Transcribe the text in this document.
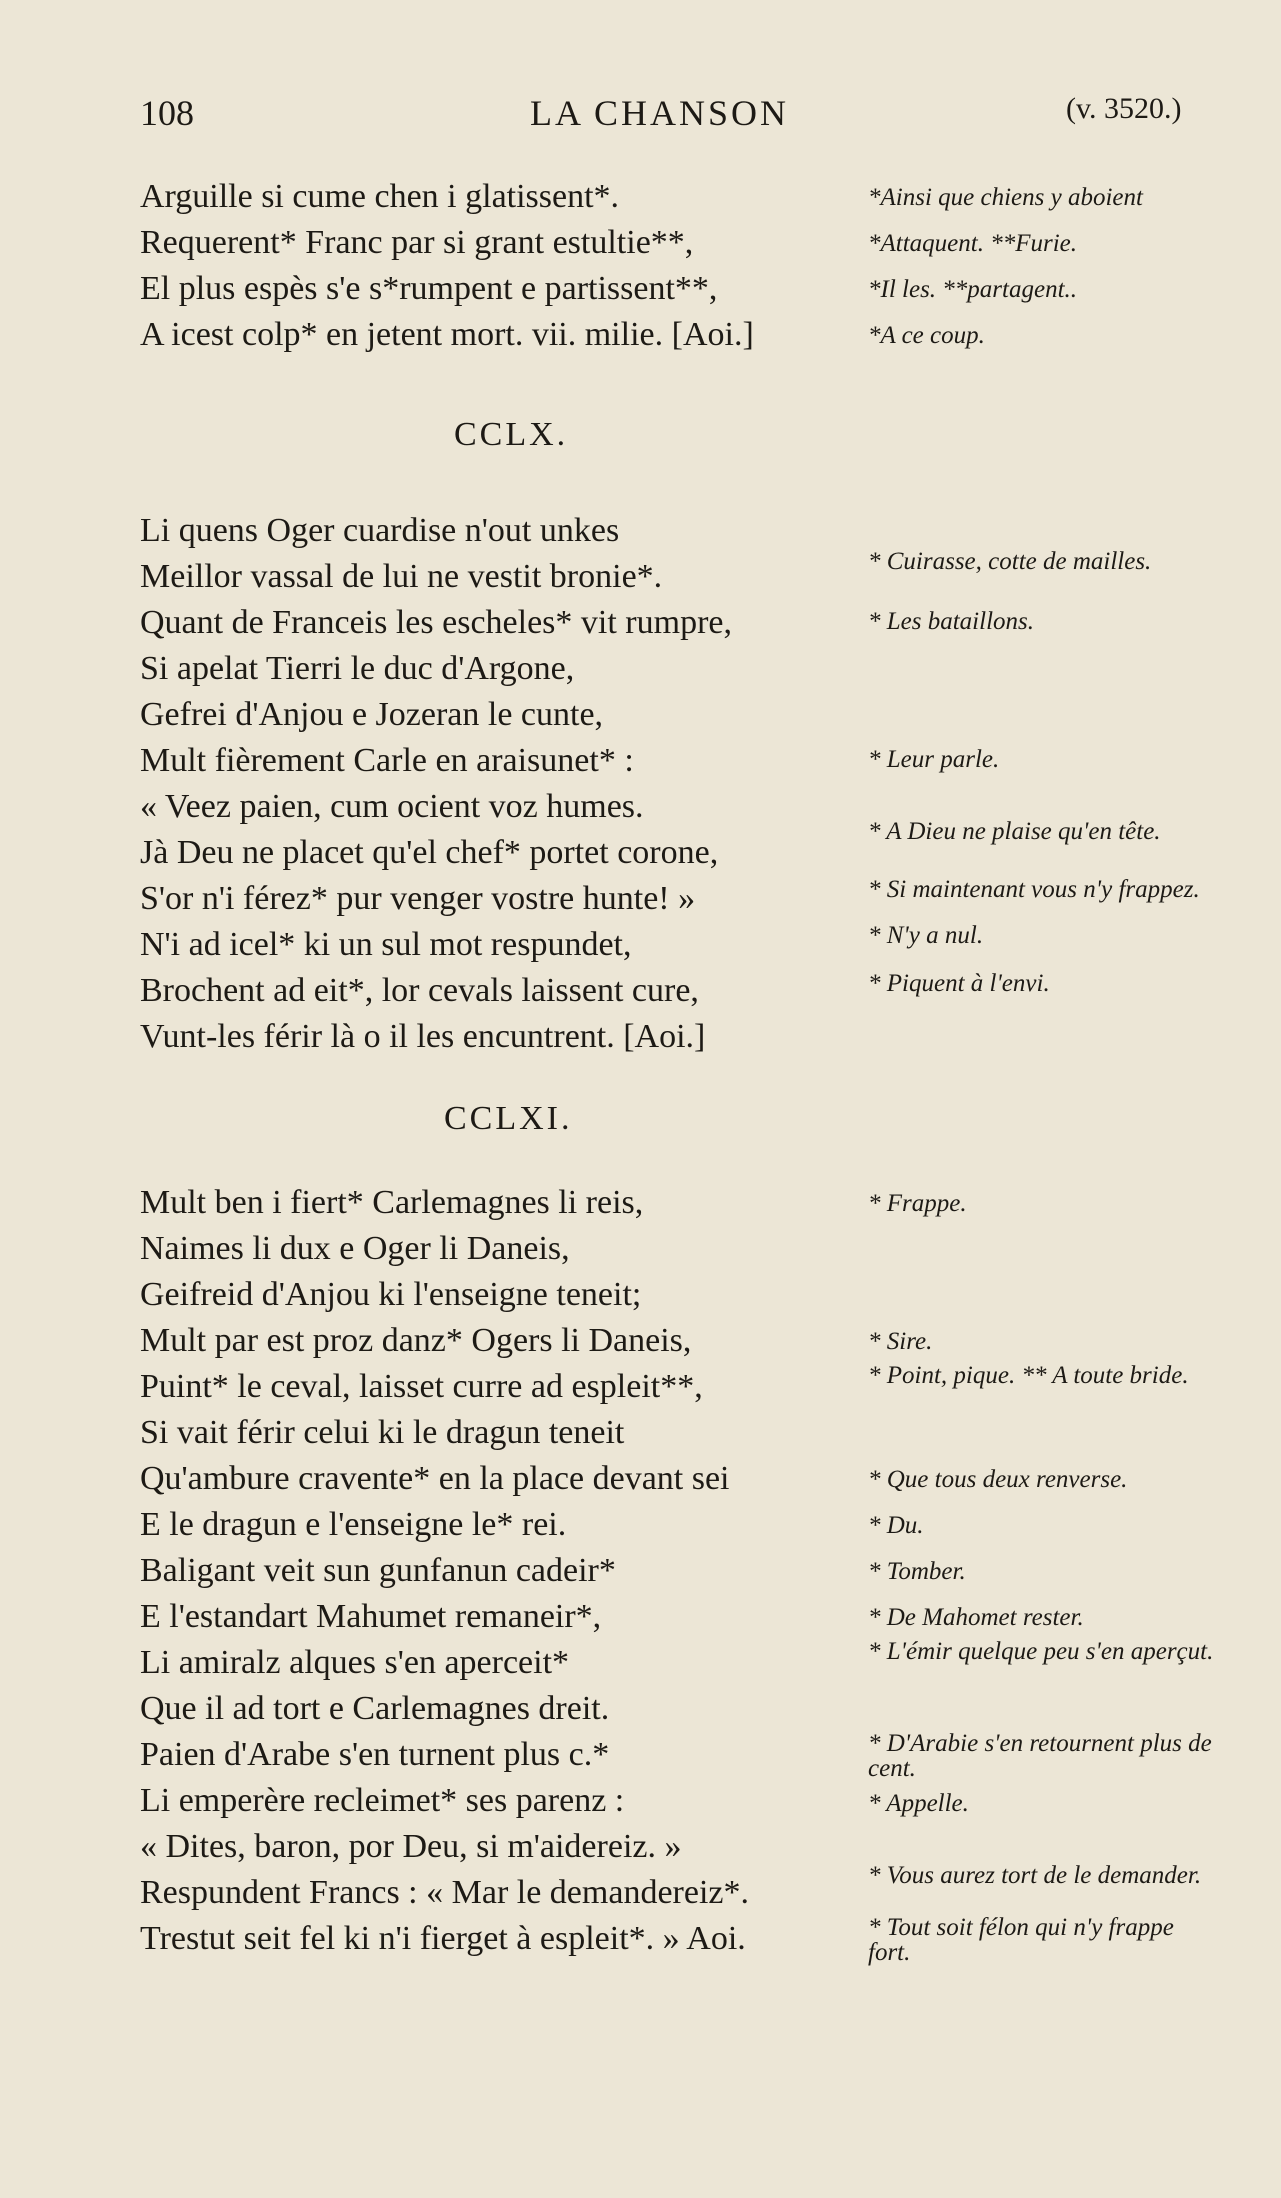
108	LA CHANSON	(v. 3520.)
Arguille si cume chen i glatissent*.
Requerent* Franc par si grant estultie**,
El plus espès s'e s*rumpent e partissent**,
A icest colp* en jetent mort. vii. milie. [Aoi.]
*Ainsi que chiens y aboient
*Attaquent. **Furie.
*Il les. **partagent..
*A ce coup.
CCLX.
Li quens Oger cuardise n'out unkes
Meillor vassal de lui ne vestit bronie*.
Quant de Franceis les escheles* vit rumpre,
Si apelat Tierri le duc d'Argone,
Gefrei d'Anjou e Jozeran le cunte,
Mult fièrement Carle en araisunet* :
« Veez paien, cum ocient voz humes.
Jà Deu ne placet qu'el chef* portet corone,
S'or n'i férez* pur venger vostre hunte! »
N'i ad icel* ki un sul mot respundet,
Brochent ad eit*, lor cevals laissent cure,
Vunt-les férir là o il les encuntrent. [Aoi.]
* Cuirasse, cotte de mailles.
* Les bataillons.
* Leur parle.
* A Dieu ne plaise qu'en tête.
* Si maintenant vous n'y frappez.
* N'y a nul.
* Piquent à l'envi.
CCLXI.
Mult ben i fiert* Carlemagnes li reis,
Naimes li dux e Oger li Daneis,
Geifreid d'Anjou ki l'enseigne teneit;
Mult par est proz danz* Ogers li Daneis,
Puint* le ceval, laisset curre ad espleit**,
Si vait férir celui ki le dragun teneit
Qu'ambure cravente* en la place devant sei
E le dragun e l'enseigne le* rei.
Baligant veit sun gunfanun cadeir*
E l'estandart Mahumet remaneir*,
Li amiralz alques s'en aperceit*
Que il ad tort e Carlemagnes dreit.
Paien d'Arabe s'en turnent plus c.*
Li emperère recleimet* ses parenz :
« Dites, baron, por Deu, si m'aidereiz. »
Respundent Francs : « Mar le demandereiz*.
Trestut seit fel ki n'i fierget à espleit*. » Aoi.
* Frappe.
* Sire.
* Point, pique. ** A toute bride.
* Que tous deux renverse.
* Du.
* Tomber.
* De Mahomet rester.
* L'émir quelque peu s'en aperçut.
* D'Arabie s'en retournent plus de cent.
* Appelle.
* Vous aurez tort de le demander.
* Tout soit félon qui n'y frappe fort.
